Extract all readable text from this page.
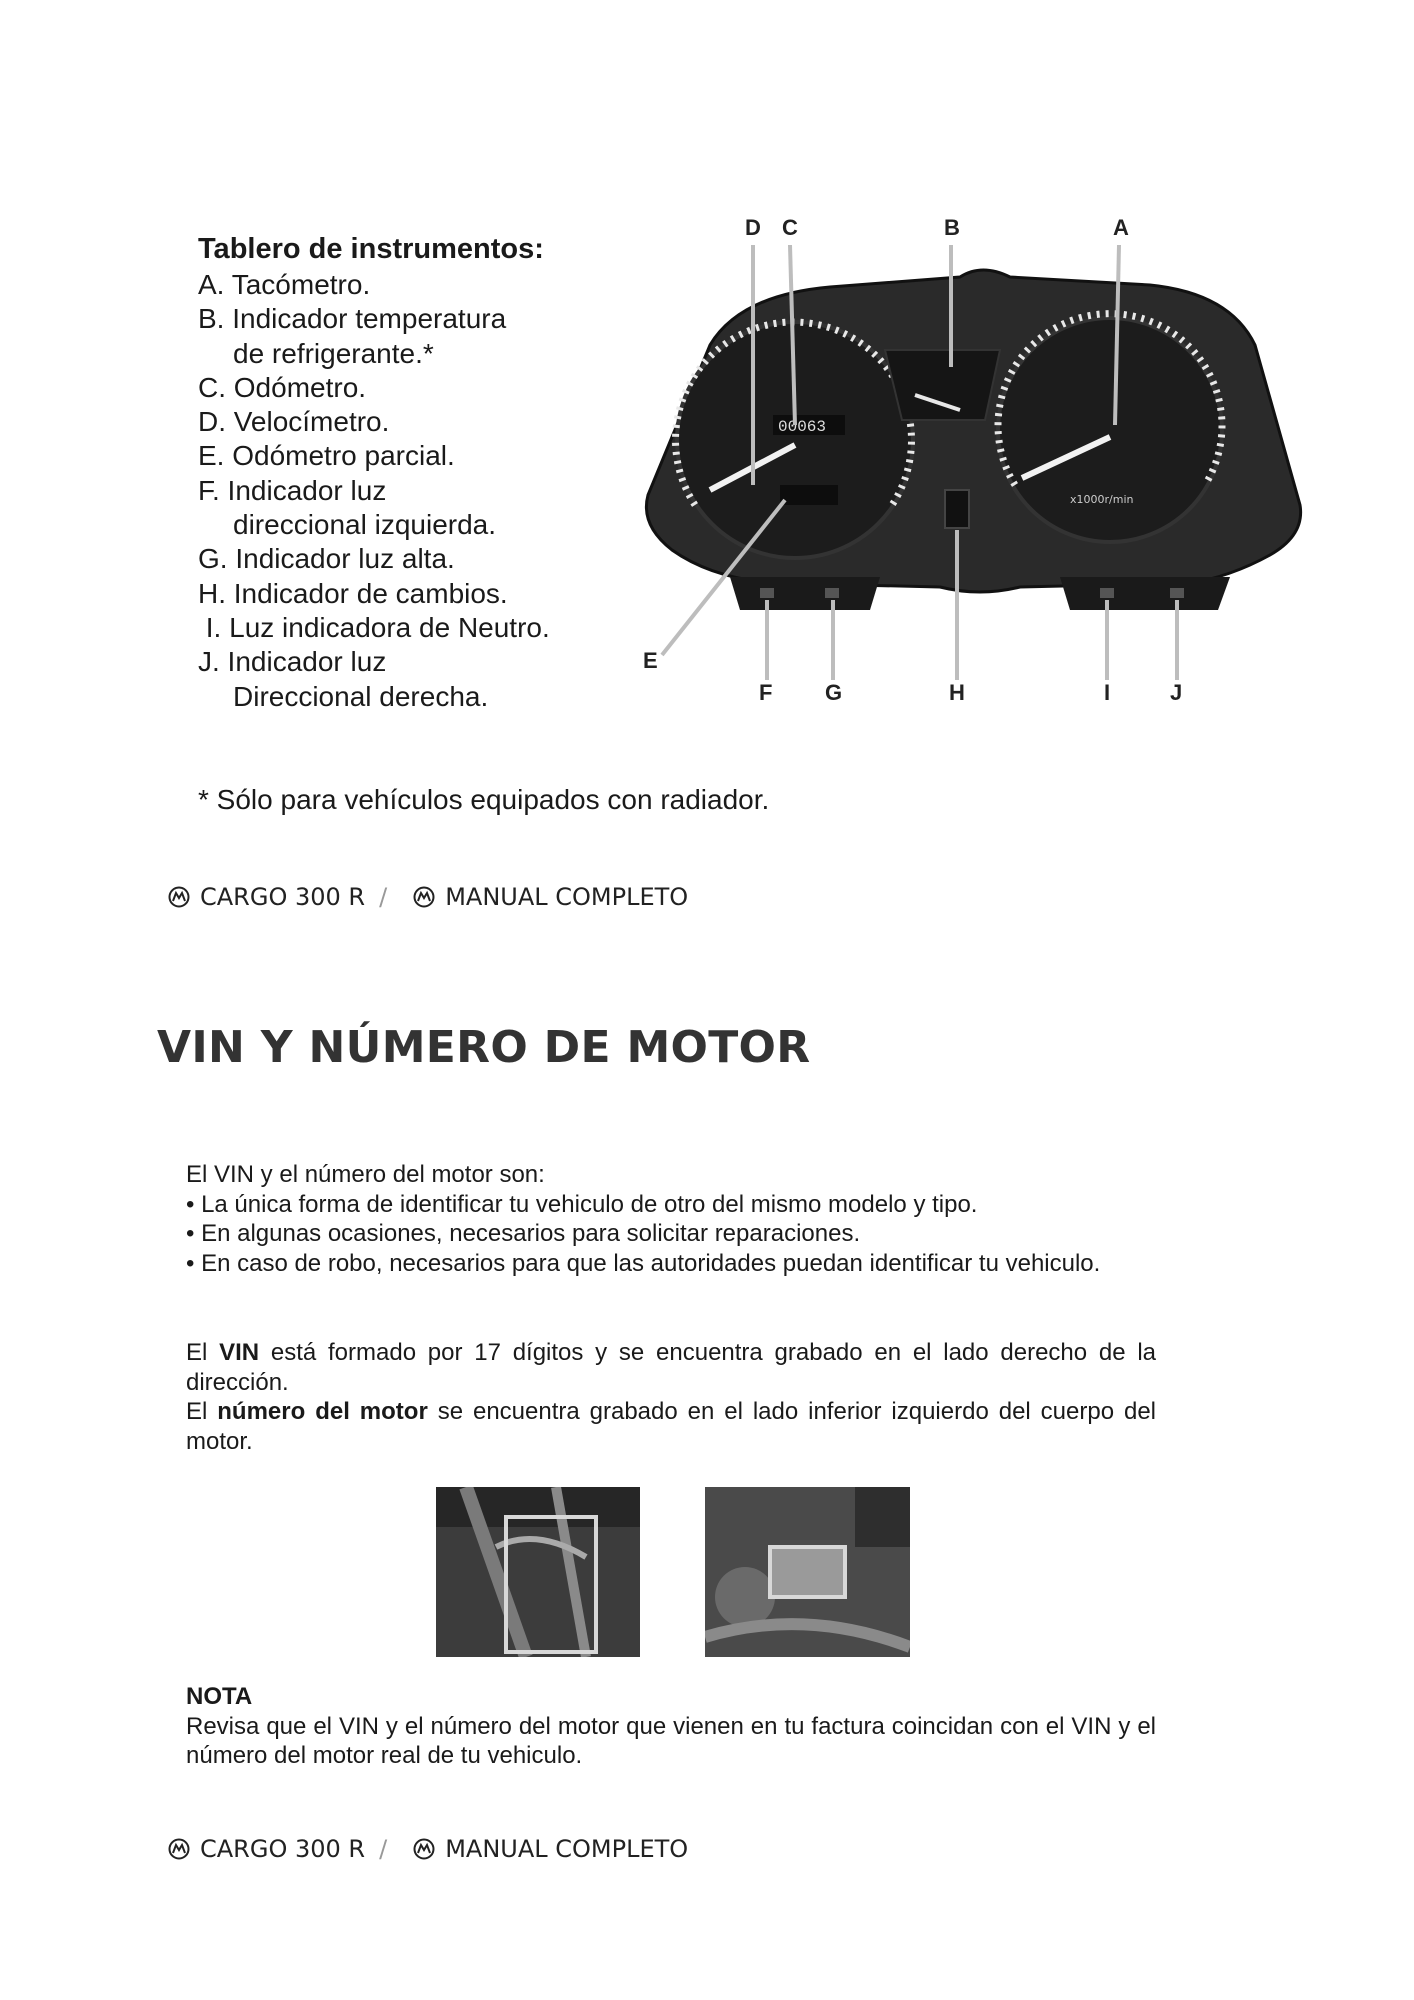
Tablero de instrumentos:
A. Tacómetro.
B. Indicador temperatura
de refrigerante.*
C. Odómetro.
D. Velocímetro.
E. Odómetro parcial.
F. Indicador luz
direccional izquierda.
G. Indicador luz alta.
H. Indicador de cambios.
I. Luz indicadora de Neutro.
J. Indicador luz
Direccional derecha.
00063
x1000r/min
A
B
C
D
E
F G	H	I	J
* Sólo para vehículos equipados con radiador.
CARGO 300 R / MANUAL COMPLETO
VIN Y NÚMERO DE MOTOR

El VIN y el número del motor son:

• La única forma de identificar tu vehiculo de otro del mismo modelo y tipo.

• En algunas ocasiones, necesarios para solicitar reparaciones.

• En caso de robo, necesarios para que las autoridades puedan identificar tu vehiculo.

El VIN está formado por 17 dígitos y se encuentra grabado en el lado derecho de la dirección.
El número del motor se encuentra grabado en el lado inferior izquierdo del cuerpo del motor.

NOTA

Revisa que el VIN y el número del motor que vienen en tu factura coincidan con el VIN y el número del motor real de tu vehiculo.

CARGO 300 R / MANUAL COMPLETO
